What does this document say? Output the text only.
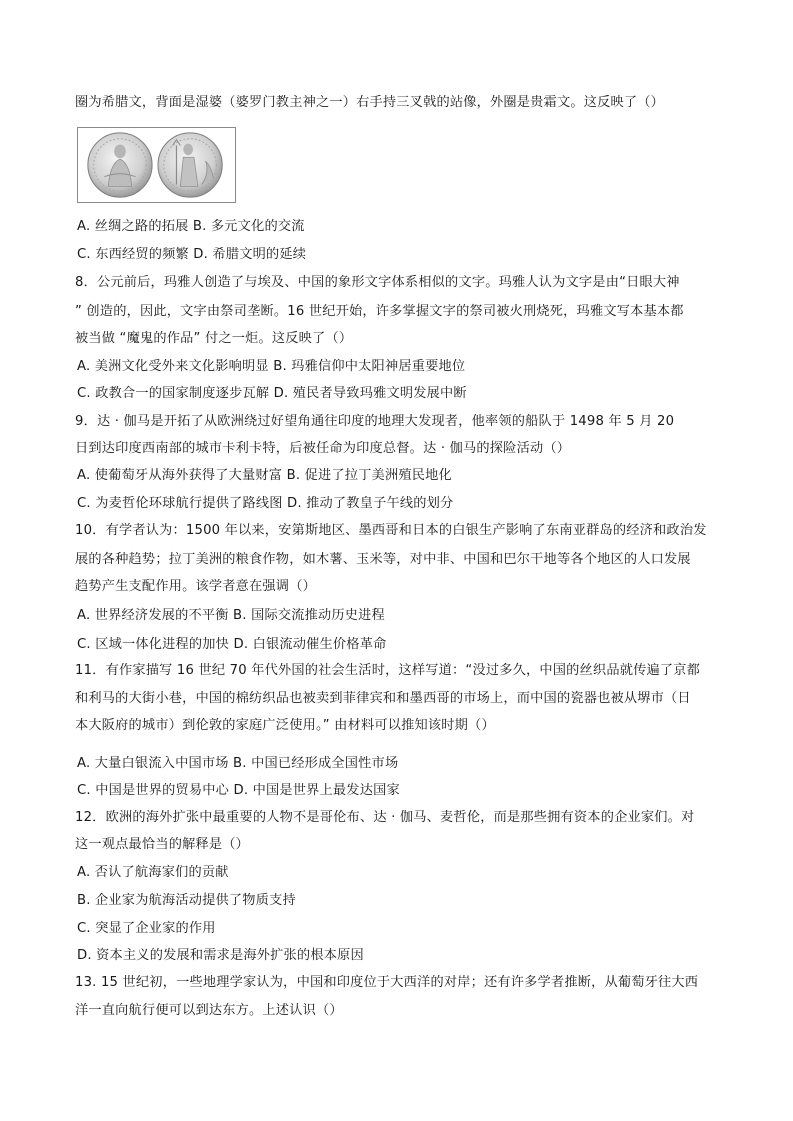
圈为希腊文，背面是湿婆（婆罗门教主神之一）右手持三叉戟的站像，外圈是贵霜文。这反映了（）
A. 丝绸之路的拓展 B. 多元文化的交流
C. 东西经贸的频繁 D. 希腊文明的延续
8．公元前后，玛雅人创造了与埃及、中国的象形文字体系相似的文字。玛雅人认为文字是由“日眼大神
” 创造的，因此，文字由祭司垄断。16 世纪开始，许多掌握文字的祭司被火刑烧死，玛雅文写本基本都
被当做 “魔鬼的作品” 付之一炬。这反映了（）
A. 美洲文化受外来文化影响明显 B. 玛雅信仰中太阳神居重要地位
C. 政教合一的国家制度逐步瓦解 D. 殖民者导致玛雅文明发展中断
9．达 · 伽马是开拓了从欧洲绕过好望角通往印度的地理大发现者，他率领的船队于 1498 年 5 月 20
日到达印度西南部的城市卡利卡特，后被任命为印度总督。达 · 伽马的探险活动（）
A. 使葡萄牙从海外获得了大量财富 B. 促进了拉丁美洲殖民地化
C. 为麦哲伦环球航行提供了路线图 D. 推动了教皇子午线的划分
10．有学者认为：1500 年以来，安第斯地区、墨西哥和日本的白银生产影响了东南亚群岛的经济和政治发
展的各种趋势；拉丁美洲的粮食作物，如木薯、玉米等，对中非、中国和巴尔干地等各个地区的人口发展
趋势产生支配作用。该学者意在强调（）
A. 世界经济发展的不平衡 B. 国际交流推动历史进程
C. 区域一体化进程的加快 D. 白银流动催生价格革命
11．有作家描写 16 世纪 70 年代外国的社会生活时，这样写道：“没过多久，中国的丝织品就传遍了京都
和利马的大街小巷，中国的棉纺织品也被卖到菲律宾和和墨西哥的市场上，而中国的瓷器也被从堺市（日
本大阪府的城市）到伦敦的家庭广泛使用。” 由材料可以推知该时期（）
A. 大量白银流入中国市场 B. 中国已经形成全国性市场
C. 中国是世界的贸易中心 D. 中国是世界上最发达国家
12．欧洲的海外扩张中最重要的人物不是哥伦布、达 · 伽马、麦哲伦，而是那些拥有资本的企业家们。对
这一观点最恰当的解释是（）
A. 否认了航海家们的贡献
B. 企业家为航海活动提供了物质支持
C. 突显了企业家的作用
D. 资本主义的发展和需求是海外扩张的根本原因
13. 15 世纪初，一些地理学家认为，中国和印度位于大西洋的对岸；还有许多学者推断，从葡萄牙往大西
洋一直向航行便可以到达东方。上述认识（）
